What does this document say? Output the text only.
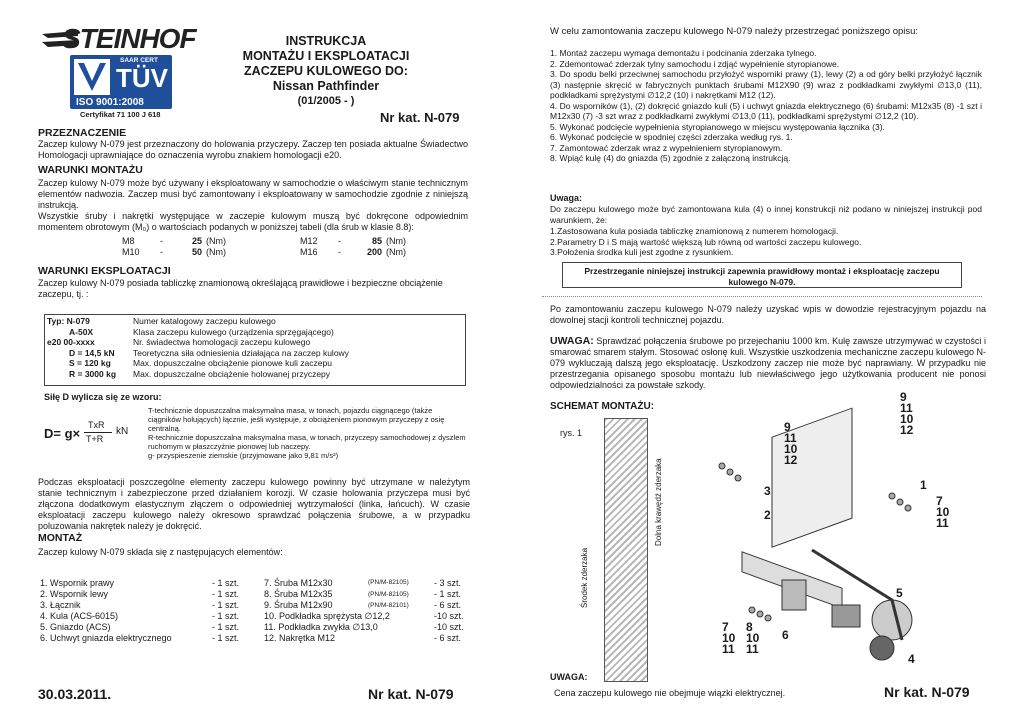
STEINHOF
SAAR CERT
TÜV
ISO 9001:2008
Certyfikat 71 100 J 618
INSTRUKCJA
MONTAŻU I EKSPLOATACJI
ZACZEPU KULOWEGO DO:
Nissan Pathfinder
(01/2005 - )
Nr kat. N-079
PRZEZNACZENIE
Zaczep kulowy N-079 jest przeznaczony do holowania przyczepy. Zaczep ten posiada aktualne Świadectwo Homologacji uprawniające do oznaczenia wyrobu znakiem homologacji e20.
WARUNKI MONTAŻU
Zaczep kulowy N-079 może być używany i eksploatowany w samochodzie o właściwym stanie technicznym elementów nadwozia. Zaczep musi być zamontowany i eksploatowany w samochodzie zgodnie z niniejszą instrukcją.
Wszystkie śruby i nakrętki występujące w zaczepie kulowym muszą być dokręcone odpowiednim momentem obrotowym (M₀) o wartościach podanych w poniższej tabeli (dla śrub w klasie 8.8):
M8	-	25	(Nm)	M12	-	85	(Nm)
M10	-	50	(Nm)	M16	-	200	(Nm)
WARUNKI EKSPLOATACJI
Zaczep kulowy N-079 posiada tabliczkę znamionową określającą prawidłowe i bezpieczne obciążenie zaczepu, tj. :
Typ: N-079	Numer katalogowy zaczepu kulowego
A-50X	Klasa zaczepu kulowego (urządzenia sprzęgającego)
e20 00-xxxx	Nr. świadectwa homologacji zaczepu kulowego
D = 14,5 kN	Teoretyczna siła odniesienia działająca na zaczep kulowy
S = 120 kg	Max. dopuszczalne obciążenie pionowe kuli zaczepu
R = 3000 kg	Max. dopuszczalne obciążenie holowanej przyczepy
Siłę D wylicza się ze wzoru:
D= g×
TxR
T+R
kN
T-technicznie dopuszczalna maksymalna masa, w tonach, pojazdu ciągnącego (także ciągników holujących) łącznie, jeśli występuje, z obciążeniem pionowym przyczepy z osię centralną.
R-technicznie dopuszczalna maksymalna masa, w tonach, przyczepy samochodowej z dyszlem ruchomym w płaszczyźnie pionowej lub naczepy.
g- przyspieszenie ziemskie (przyjmowane jako 9,81 m/s²)
Podczas eksploatacji poszczególne elementy zaczepu kulowego powinny być utrzymane w należytym stanie technicznym i zabezpieczone przed działaniem korozji. W czasie holowania przyczepa musi być złączona dodatkowym elastycznym złączem o odpowiedniej wytrzymałości (linka, łańcuch). W czasie eksploatacji zaczepu kulowego należy okresowo sprawdzać połączenia śrubowe, a w przypadku poluzowania nakrętek należy je dokręcić.
MONTAŻ
Zaczep kulowy N-079 składa się z następujących elementów:
1. Wspornik prawy	- 1 szt.
2. Wspornik lewy	- 1 szt.
3. Łącznik	- 1 szt.
4. Kula (ACS-6015)	- 1 szt.
5. Gniazdo (ACS)	- 1 szt.
6. Uchwyt gniazda elektrycznego	- 1 szt.
7. Śruba M12x30	(PN/M-82105)	- 3 szt.
8. Śruba M12x35	(PN/M-82105)	- 1 szt.
9. Śruba M12x90	(PN/M-82101)	- 6 szt.
10. Podkładka sprężysta ∅12,2		-10 szt.
11. Podkładka zwykła ∅13,0		-10 szt.
12. Nakrętka M12		- 6 szt.
30.03.2011.	Nr kat. N-079
W celu zamontowania zaczepu kulowego N-079 należy przestrzegać poniższego opisu:
1. Montaż zaczepu wymaga demontażu i podcinania zderzaka tylnego.
2. Zdemontować zderzak tylny samochodu i zdjąć wypełnienie styropianowe.
3. Do spodu belki przeciwnej samochodu przyłożyć wsporniki prawy (1), lewy (2) a od góry belki przyłożyć łącznik (3) następnie skręcić w fabrycznych punktach śrubami M12X90 (9) wraz z podkładkami zwykłymi ∅13,0 (11), podkładkami sprężystymi ∅12,2 (10) i nakrętkami M12 (12).
4. Do wsporników (1), (2) dokręcić gniazdo kuli (5) i uchwyt gniazda elektrycznego (6) śrubami: M12x35 (8) -1 szt i M12x30 (7) -3 szt wraz z podkładkami zwykłymi ∅13,0 (11), podkładkami sprężystymi ∅12,2 (10).
5. Wykonać podcięcie wypełnienia styropianowego w miejscu występowania łącznika (3).
6. Wykonać podcięcie w spodniej części zderzaka według rys. 1.
7. Zamontować zderzak wraz z wypełnieniem styropianowym.
8. Wpiąć kulę (4) do gniazda (5) zgodnie z załączoną instrukcją.
Uwaga:
Do zaczepu kulowego może być zamontowana kula (4) o innej konstrukcji niż podano w niniejszej instrukcji pod warunkiem, że:
1.Zastosowana kula posiada tabliczkę znamionową z numerem homologacji.
2.Parametry D i S mają wartość większą lub równą od wartości zaczepu kulowego.
3.Położenia środka kuli jest zgodne z rysunkiem.
Przestrzeganie niniejszej instrukcji zapewnia prawidłowy montaż i eksploatację zaczepu kulowego N-079.
Po zamontowaniu zaczepu kulowego N-079 należy uzyskać wpis w dowodzie rejestracyjnym pojazdu na dowolnej stacji kontroli technicznej pojazdu.
UWAGA: Sprawdzać połączenia śrubowe po przejechaniu 1000 km. Kulę zawsze utrzymywać w czystości i smarować smarem stałym. Stosować osłonę kuli. Wszystkie uszkodzenia mechaniczne zaczepu kulowego N-079 wykluczają dalszą jego eksploatację. Uszkodzony zaczep nie może być naprawiany. W przypadku nie przestrzegania opisanego sposobu montażu lub niewłaściwego jego użytkowania producent nie ponosi odpowiedzialności za powstałe szkody.
SCHEMAT MONTAŻU:
rys. 1
Środek zderzaka
Dolna krawędź zderzaka
9
11
10
12
9
11
10
12
3
2
1
7
10
11
5
7
10
11
8
10
11
6
4
UWAGA:
Cena zaczepu kulowego nie obejmuje wiązki elektrycznej.	Nr kat. N-079
